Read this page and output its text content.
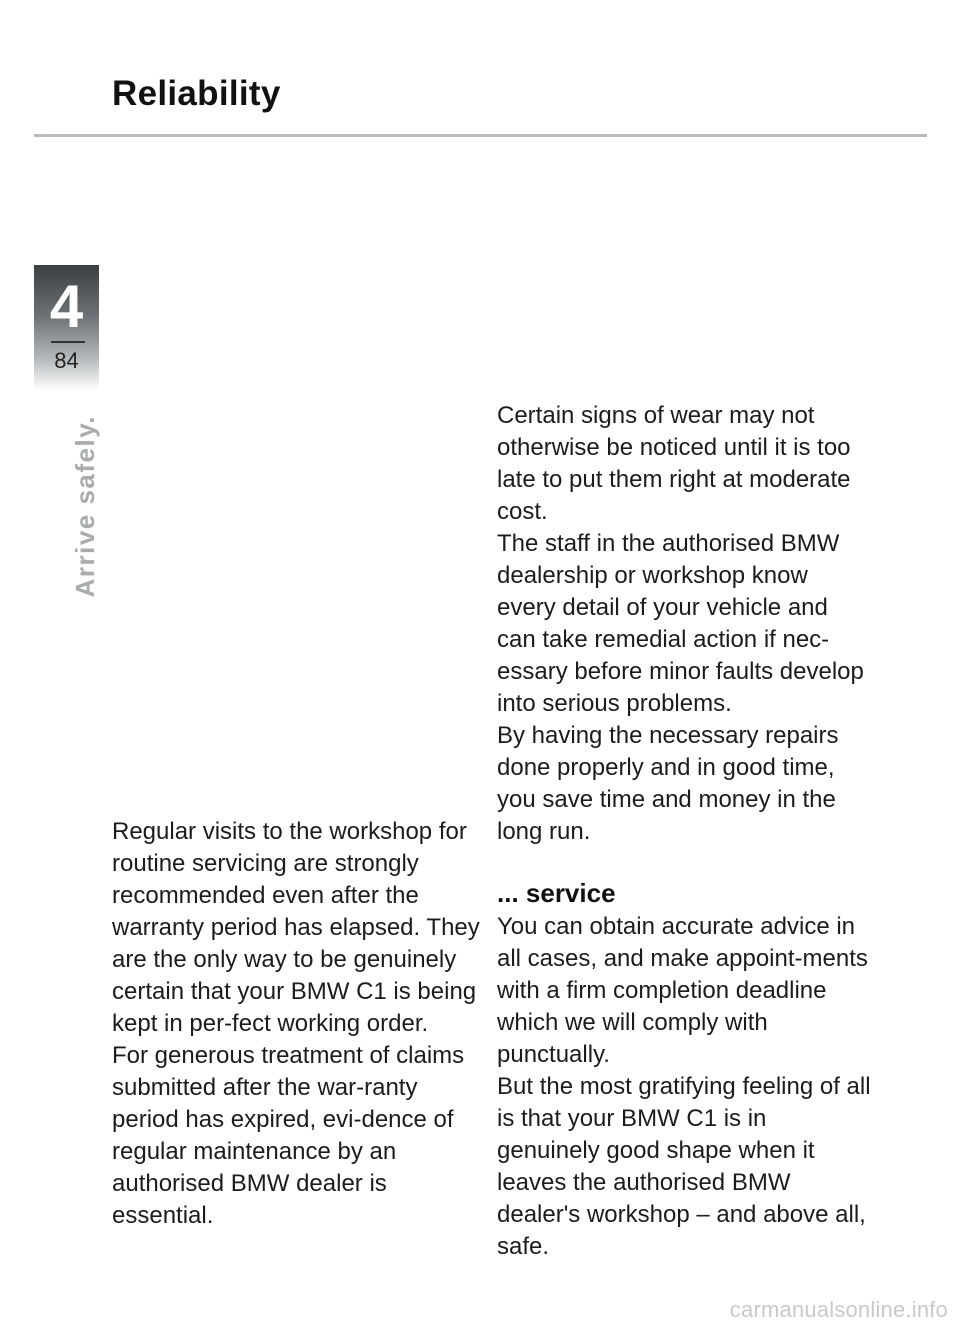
Reliability
4
84
Arrive safely.

Regular visits to the workshop for routine servicing are strongly recommended even after the warranty period has elapsed. They are the only way to be genuinely certain that your BMW C1 is being kept in per-fect working order.

For generous treatment of claims submitted after the war-ranty period has expired, evi-dence of regular maintenance by an authorised BMW dealer is essential.

Certain signs of wear may not otherwise be noticed until it is too late to put them right at moderate cost.

The staff in the authorised BMW dealership or workshop know every detail of your vehicle and can take remedial action if nec-essary before minor faults develop into serious problems.

By having the necessary repairs done properly and in good time, you save time and money in the long run.

... service

You can obtain accurate advice in all cases, and make appoint-ments with a firm completion deadline which we will comply with punctually.

But the most gratifying feeling of all is that your BMW C1 is in genuinely good shape when it leaves the authorised BMW dealer's workshop – and above all, safe.

carmanualsonline.info
